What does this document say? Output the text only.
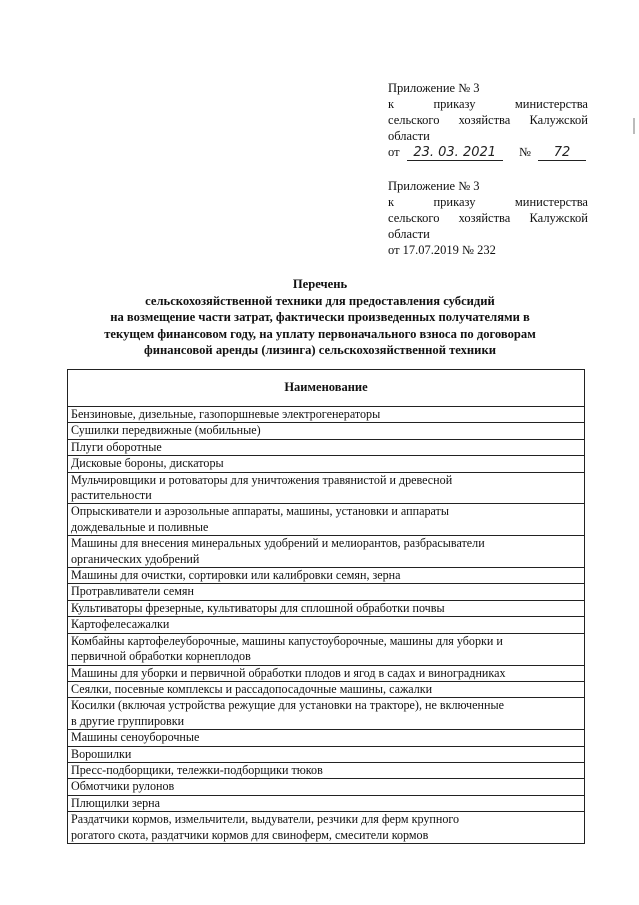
Приложение № 3
к	приказу	министерства
сельского хозяйства Калужской
области
от 23. 03. 2021 № 72
Приложение № 3
к	приказу	министерства
сельского хозяйства Калужской
области
от 17.07.2019 № 232
Перечень
сельскохозяйственной техники для предоставления субсидий
на возмещение части затрат, фактически произведенных получателями в
текущем финансовом году, на уплату первоначального взноса по договорам
финансовой аренды (лизинга) сельскохозяйственной техники
Наименование

Бензиновые, дизельные, газопоршневые электрогенераторы

Сушилки передвижные (мобильные)

Плуги оборотные

Дисковые бороны, дискаторы

Мульчировщики и ротоваторы для уничтожения травянистой и древесной
растительности

Опрыскиватели и аэрозольные аппараты, машины, установки и аппараты
дождевальные и поливные

Машины для внесения минеральных удобрений и мелиорантов, разбрасыватели
органических удобрений

Машины для очистки, сортировки или калибровки семян, зерна

Протравливатели семян

Культиваторы фрезерные, культиваторы для сплошной обработки почвы

Картофелесажалки

Комбайны картофелеуборочные, машины капустоуборочные, машины для уборки и
первичной обработки корнеплодов

Машины для уборки и первичной обработки плодов и ягод в садах и виноградниках

Сеялки, посевные комплексы и рассадопосадочные машины, сажалки

Косилки (включая устройства режущие для установки на тракторе), не включенные
в другие группировки

Машины сеноуборочные

Ворошилки

Пресс-подборщики, тележки-подборщики тюков

Обмотчики рулонов

Плющилки зерна

Раздатчики кормов, измельчители, выдуватели, резчики для ферм крупного
рогатого скота, раздатчики кормов для свиноферм, смесители кормов
